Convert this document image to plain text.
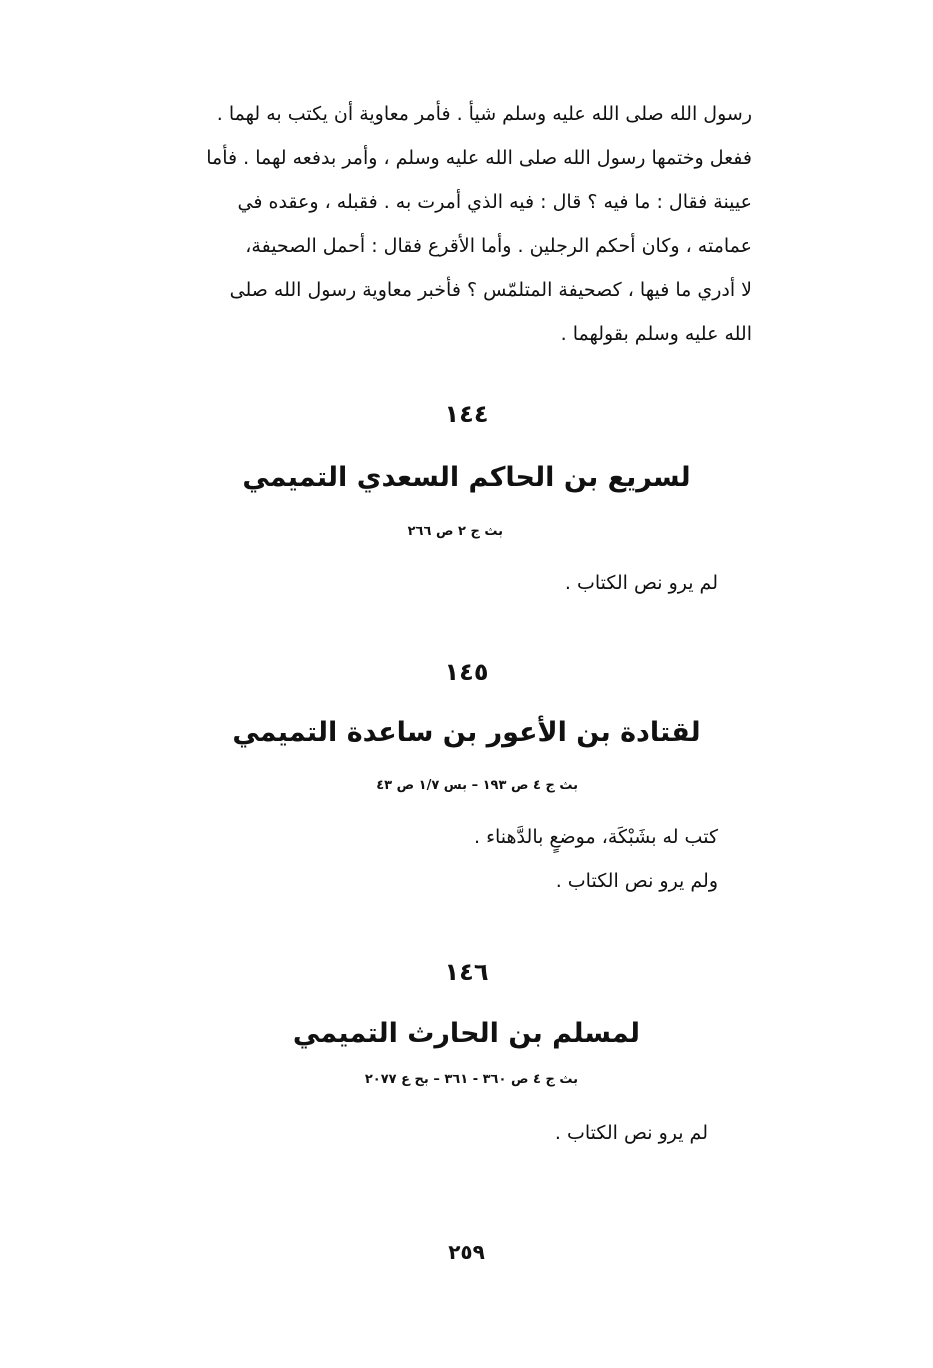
رسول الله صلى الله عليه وسلم شيأ . فأمر معاوية أن يكتب به لهما .
ففعل وختمها رسول الله صلى الله عليه وسلم ، وأمر بدفعه لهما . فأما
عيينة فقال : ما فيه ؟ قال : فيه الذي أمرت به . فقبله ، وعقده في
عمامته ، وكان أحكم الرجلين . وأما الأقرع فقال : أحمل الصحيفة،
لا أدري ما فيها ، كصحيفة المتلمّس ؟ فأخبر معاوية رسول الله صلى
الله عليه وسلم بقولهما .
١٤٤
لسريع بن الحاكم السعدي التميمي
بث ج ٢ ص ٢٦٦
لم يرو نص الكتاب .
١٤٥
لقتادة بن الأعور بن ساعدة التميمي
بث ج ٤ ص ١٩٣ – بس ١/٧ ص ٤٣
كتب له بشَبْكَة، موضعٍ بالدَّهناء .
ولم يرو نص الكتاب .
١٤٦
لمسلم بن الحارث التميمي
بث ج ٤ ص ٣٦٠ - ٣٦١ – بح ع ٢٠٧٧
لم يرو نص الكتاب .
٢٥٩
